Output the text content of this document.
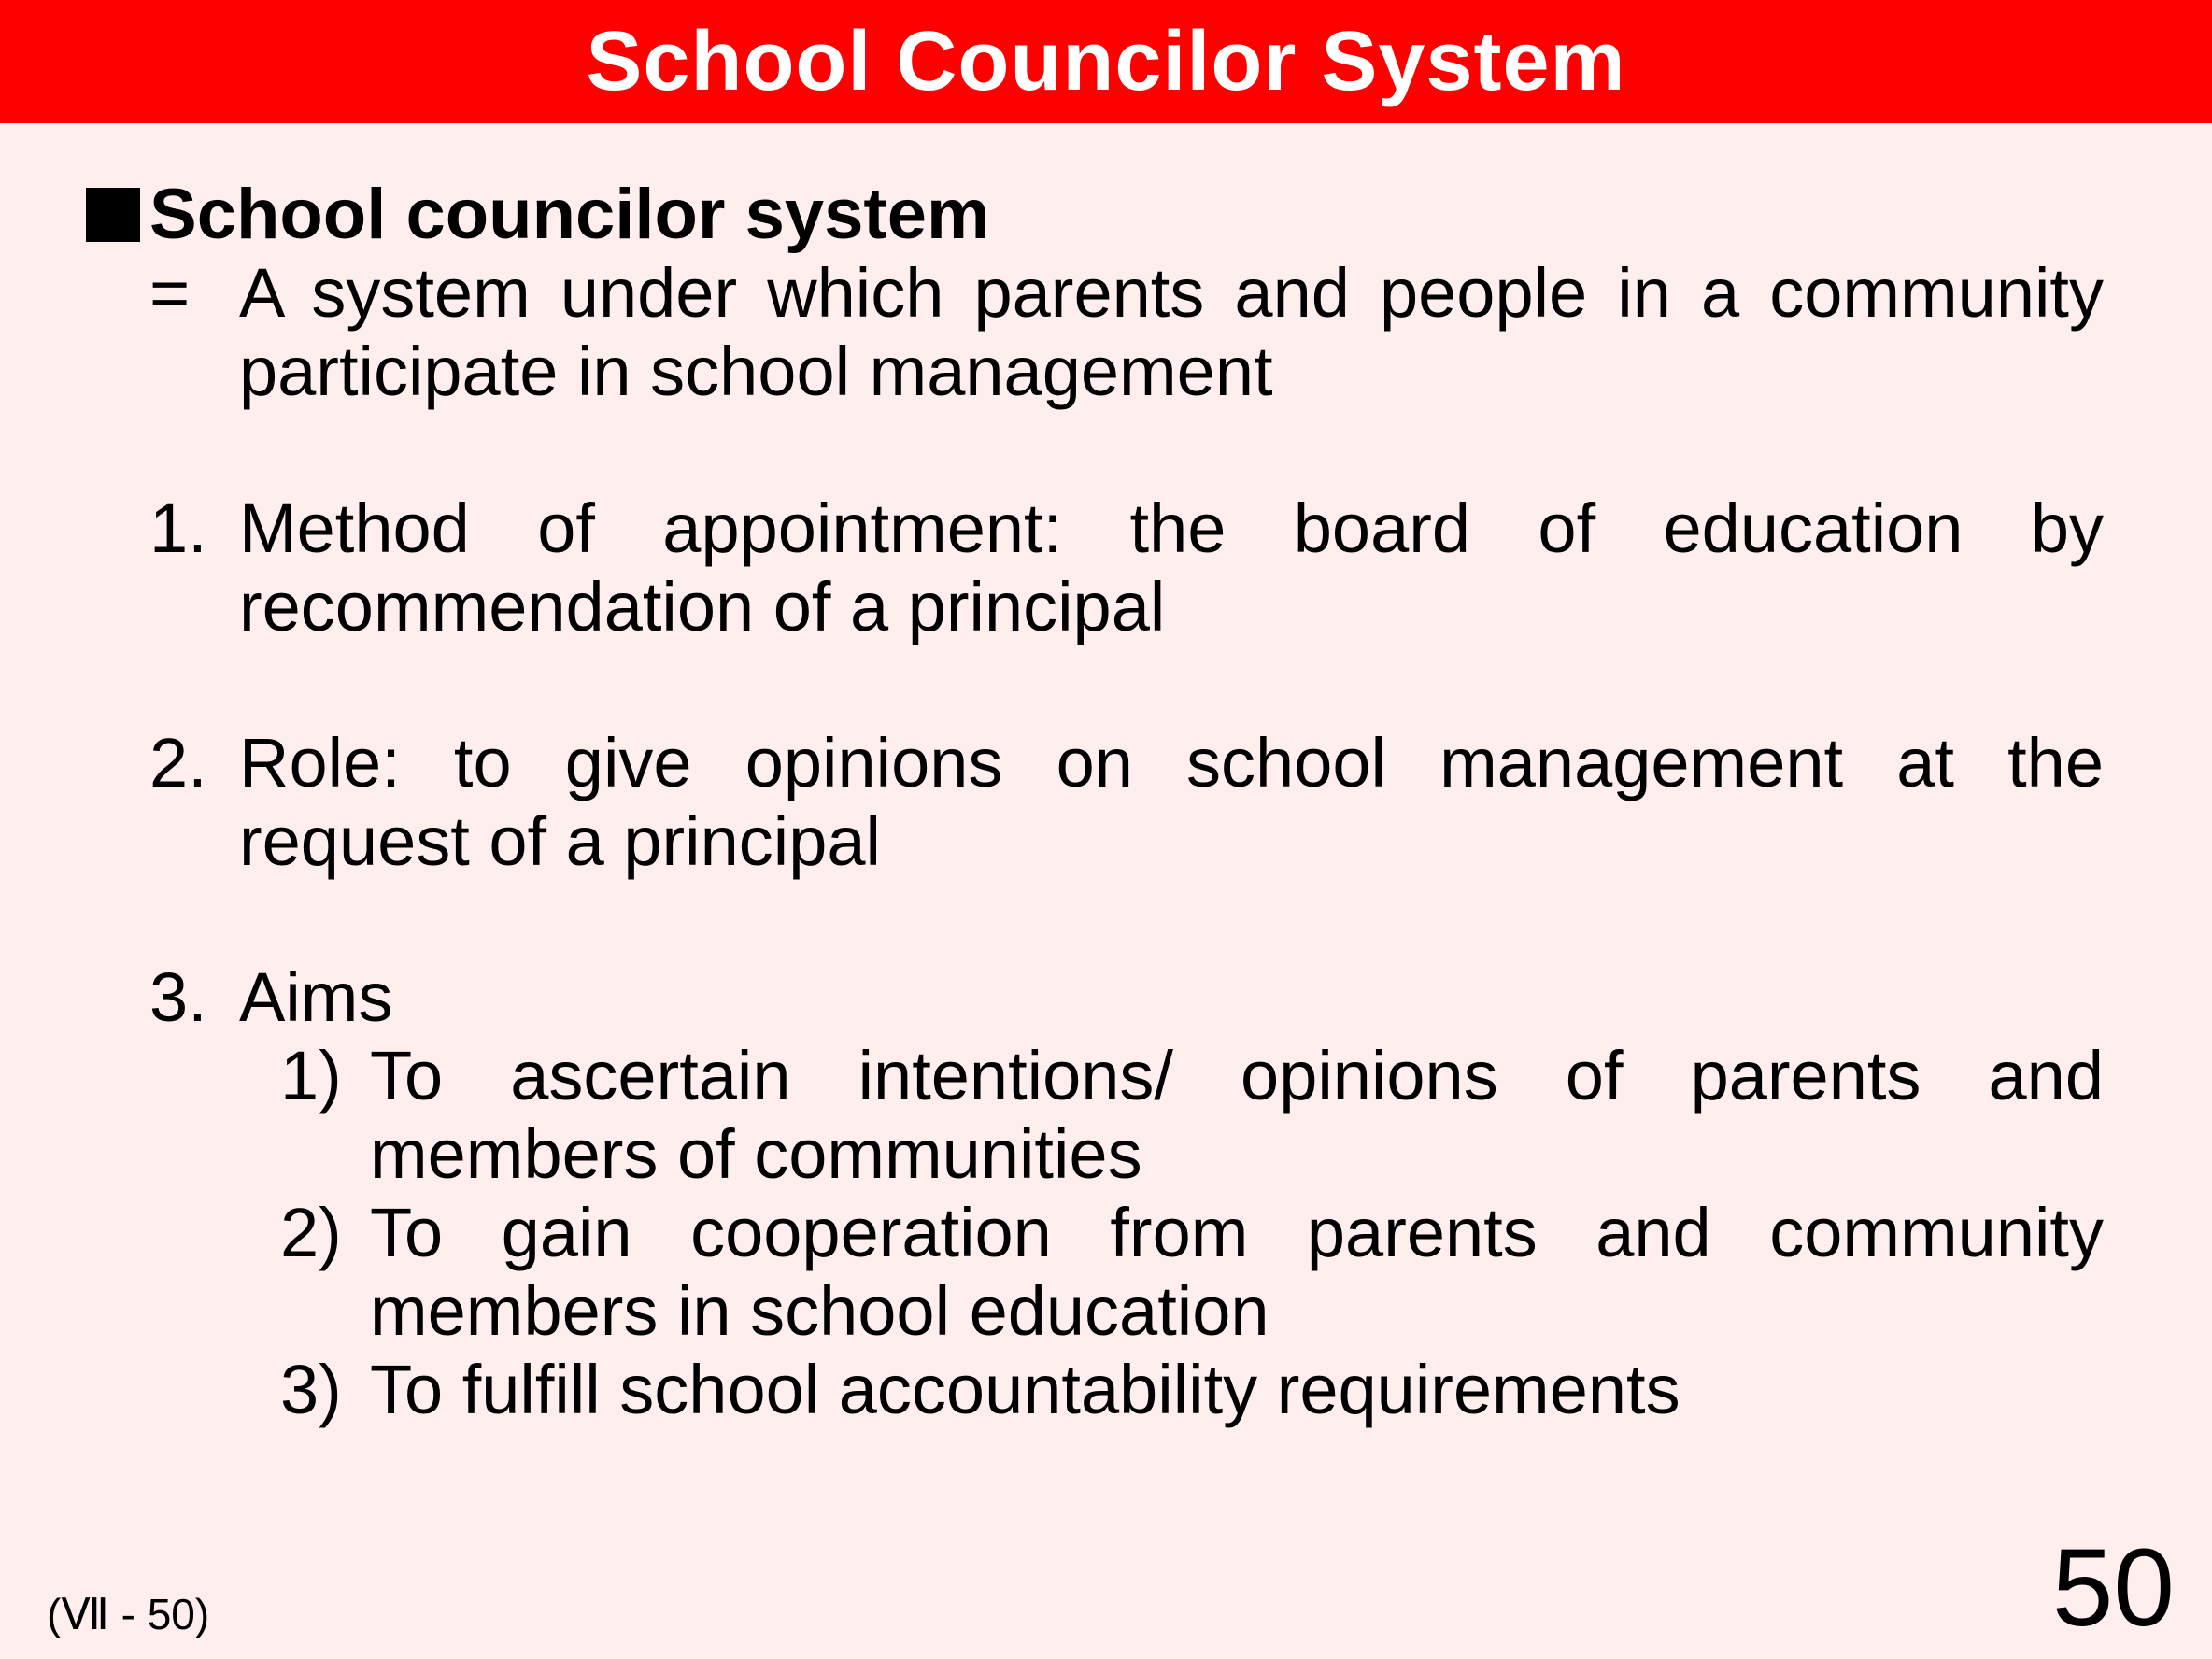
School Councilor System
School councilor system
= A system under which parents and people in a community
participate in school management
1. Method of appointment: the board of education by
recommendation of a principal
2. Role: to give opinions on school management at the
request of a principal
3. Aims
1) To ascertain intentions/ opinions of parents and
members of communities
2) To gain cooperation from parents and community
members in school education
3) To fulfill school accountability requirements
(Ⅶ - 50)	50
